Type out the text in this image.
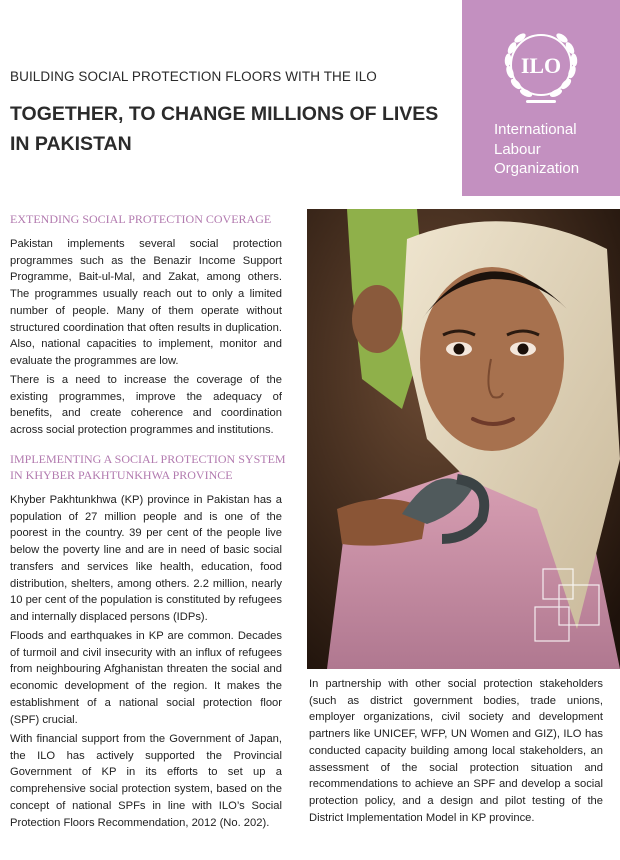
BUILDING SOCIAL PROTECTION FLOORS WITH THE ILO
TOGETHER, TO CHANGE MILLIONS OF LIVES IN PAKISTAN
ILO
International
Labour
Organization
EXTENDING SOCIAL PROTECTION COVERAGE

Pakistan implements several social protection programmes such as the Benazir Income Support Programme, Bait-ul-Mal, and Zakat, among others. The programmes usually reach out to only a limited number of people. Many of them operate without structured coordination that often results in duplication. Also, national capacities to implement, monitor and evaluate the programmes are low.

There is a need to increase the coverage of the existing programmes, improve the adequacy of benefits, and create coherence and coordination across social protection programmes and institutions.

IMPLEMENTING A SOCIAL PROTECTION SYSTEM IN KHYBER PAKHTUNKHWA PROVINCE

Khyber Pakhtunkhwa (KP) province in Pakistan has a population of 27 million people and is one of the poorest in the country. 39 per cent of the people live below the poverty line and are in need of basic social transfers and services like health, education, food distribution, shelters, among others. 2.2 million, nearly 10 per cent of the population is constituted by refugees and internally displaced persons (IDPs).

Floods and earthquakes in KP are common. Decades of turmoil and civil insecurity with an influx of refugees from neighbouring Afghanistan threaten the social and economic development of the region. It makes the establishment of a national social protection floor (SPF) crucial.

With financial support from the Government of Japan, the ILO has actively supported the Provincial Government of KP in its efforts to set up a comprehensive social protection system, based on the concept of national SPFs in line with ILO’s Social Protection Floors Recommendation, 2012 (No. 202).

In partnership with other social protection stakeholders (such as district government bodies, trade unions, employer organizations, civil society and development partners like UNICEF, WFP, UN Women and GIZ), ILO has conducted capacity building among local stakeholders, an assessment of the social protection situation and recommendations to achieve an SPF and develop a social protection policy, and a design and pilot testing of the District Implementation Model in KP province.
